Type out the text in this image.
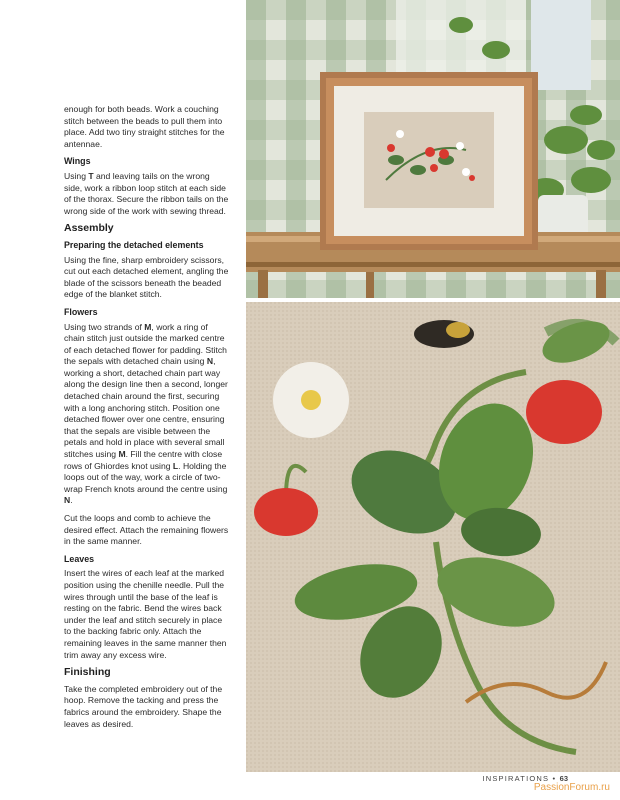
enough for both beads. Work a couching stitch between the beads to pull them into place. Add two tiny straight stitches for the antennae.

Wings

Using T and leaving tails on the wrong side, work a ribbon loop stitch at each side of the thorax. Secure the ribbon tails on the wrong side of the work with sewing thread.

Assembly
Preparing the detached elements

Using the fine, sharp embroidery scissors, cut out each detached element, angling the blade of the scissors beneath the beaded edge of the blanket stitch.

Flowers

Using two strands of M, work a ring of chain stitch just outside the marked centre of each detached flower for padding. Stitch the sepals with detached chain using N, working a short, detached chain part way along the design line then a second, longer detached chain around the first, securing with a long anchoring stitch. Position one detached flower over one centre, ensuring that the sepals are visible between the petals and hold in place with several small stitches using M. Fill the centre with close rows of Ghiordes knot using L. Holding the loops out of the way, work a circle of two-wrap French knots around the centre using N.

Cut the loops and comb to achieve the desired effect. Attach the remaining flowers in the same manner.

Leaves

Insert the wires of each leaf at the marked position using the chenille needle. Pull the wires through until the base of the leaf is resting on the fabric. Bend the wires back under the leaf and stitch securely in place to the backing fabric only. Attach the remaining leaves in the same manner then trim away any excess wire.

Finishing

Take the completed embroidery out of the hoop. Remove the tacking and press the fabrics around the embroidery. Shape the leaves as desired.

INSPIRATIONS • 63
PassionForum.ru
